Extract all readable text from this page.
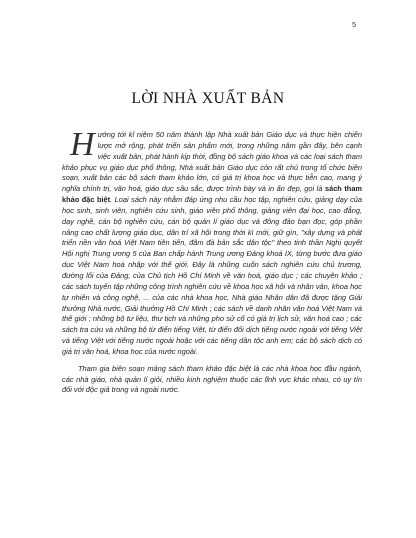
5
LỜI NHÀ XUẤT BẢN

Hướng tới kỉ niệm 50 năm thành lập Nhà xuất bản Giáo dục và thực hiện chiến lược mở rộng, phát triển sản phẩm mới, trong những năm gần đây, bên cạnh việc xuất bản, phát hành kịp thời, đồng bộ sách giáo khoa và các loại sách tham khảo phục vụ giáo dục phổ thông, Nhà xuất bản Giáo dục còn rất chú trọng tổ chức biên soạn, xuất bản các bộ sách tham khảo lớn, có giá trị khoa học và thực tiễn cao, mang ý nghĩa chính trị, văn hoá, giáo dục sâu sắc, được trình bày và in ấn đẹp, gọi là sách tham khảo đặc biệt. Loại sách này nhằm đáp ứng nhu cầu học tập, nghiên cứu, giảng dạy của học sinh, sinh viên, nghiên cứu sinh, giáo viên phổ thông, giảng viên đại học, cao đẳng, dạy nghề, cán bộ nghiên cứu, cán bộ quản lí giáo dục và đông đảo bạn đọc, góp phần nâng cao chất lượng giáo dục, dân trí xã hội trong thời kì mới, giữ gìn, "xây dựng và phát triển nền văn hoá Việt Nam tiên tiến, đậm đà bản sắc dân tộc" theo tinh thần Nghị quyết Hội nghị Trung ương 5 của Ban chấp hành Trung ương Đảng khoá IX, từng bước đưa giáo dục Việt Nam hoà nhập với thế giới. Đây là những cuốn sách nghiên cứu chủ trương, đường lối của Đảng, của Chủ tịch Hồ Chí Minh về văn hoá, giáo dục ; các chuyên khảo ; các sách tuyển tập những công trình nghiên cứu về khoa học xã hội và nhân văn, khoa học tự nhiên và công nghệ, ... của các nhà khoa học, Nhà giáo Nhân dân đã được tặng Giải thưởng Nhà nước, Giải thưởng Hồ Chí Minh ; các sách về danh nhân văn hoá Việt Nam và thế giới ; những bộ tư liệu, thư tịch và những pho sử cổ có giá trị lịch sử, văn hoá cao ; các sách tra cứu và những bộ từ điển tiếng Việt, từ điển đối dịch tiếng nước ngoài với tiếng Việt và tiếng Việt với tiếng nước ngoài hoặc với các tiếng dân tộc anh em; các bộ sách dịch có giá trị văn hoá, khoa học của nước ngoài.

Tham gia biên soạn mảng sách tham khảo đặc biệt là các nhà khoa học đầu ngành, các nhà giáo, nhà quản lí giỏi, nhiều kinh nghiệm thuộc các lĩnh vực khác nhau, có uy tín đối với độc giả trong và ngoài nước.
